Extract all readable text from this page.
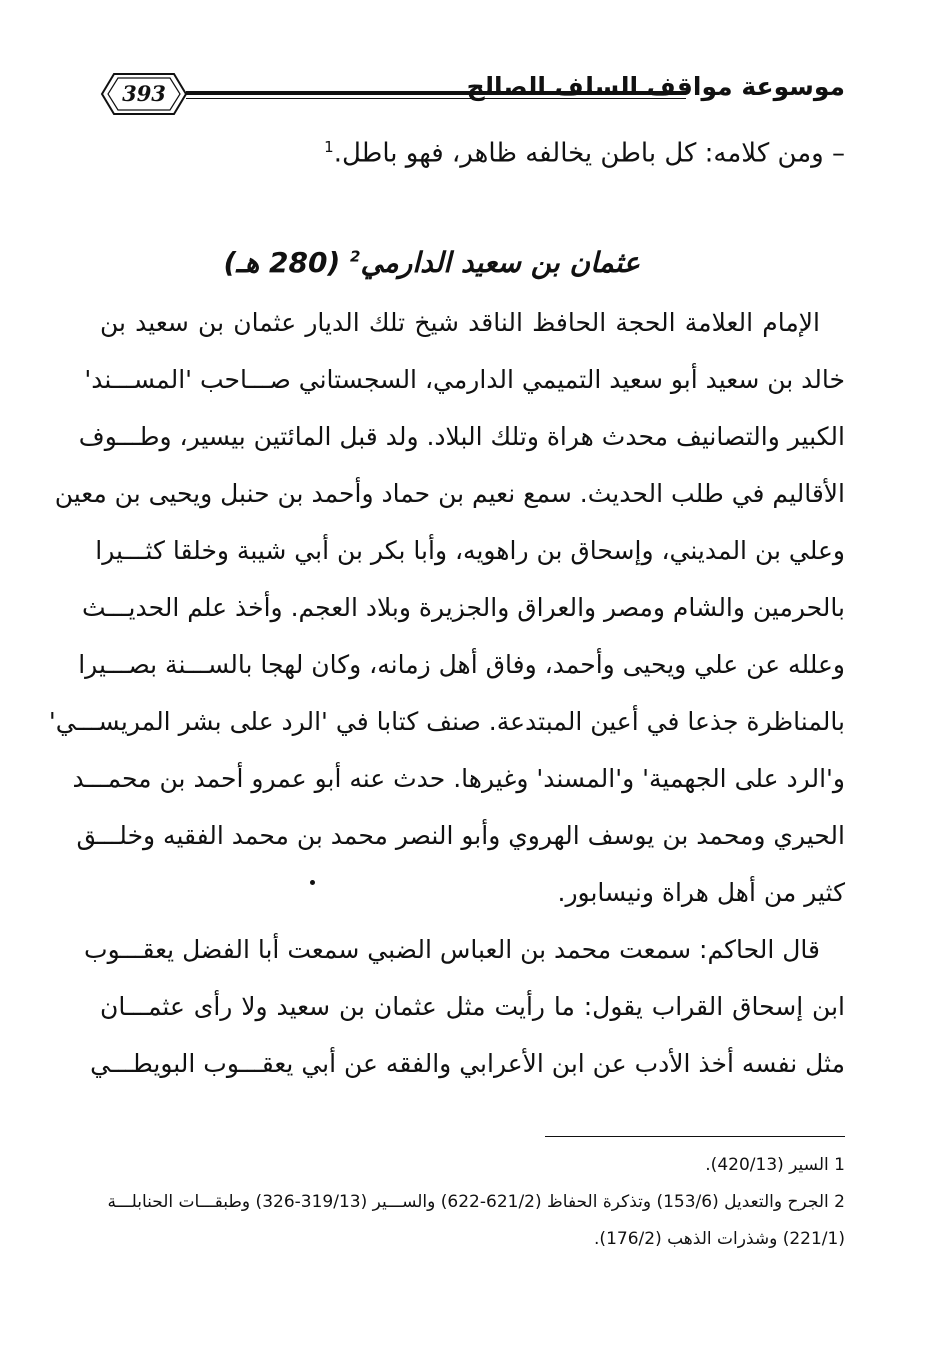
393	موسوعة مواقف السلف الصالح
– ومن كلامه: كل باطن يخالفه ظاهر، فهو باطل.$^1$
عثمان بن سعيد الدارمي$^2$ (280 هـ)
الإمام العلامة الحجة الحافظ الناقد شيخ تلك الديار عثمان بن سعيد بن
خالد بن سعيد أبو سعيد التميمي الدارمي، السجستاني صـــاحب 'المســـند'
الكبير والتصانيف محدث هراة وتلك البلاد. ولد قبل المائتين بيسير، وطـــوف
الأقاليم في طلب الحديث. سمع نعيم بن حماد وأحمد بن حنبل ويحيى بن معين
وعلي بن المديني، وإسحاق بن راهويه، وأبا بكر بن أبي شيبة وخلقا كثـــيرا
بالحرمين والشام ومصر والعراق والجزيرة وبلاد العجم. وأخذ علم الحديـــث
وعلله عن علي ويحيى وأحمد، وفاق أهل زمانه، وكان لهجا بالســـنة بصـــيرا
بالمناظرة جذعا في أعين المبتدعة. صنف كتابا في 'الرد على بشر المريســـي'
و'الرد على الجهمية' و'المسند' وغيرها. حدث عنه أبو عمرو أحمد بن محمـــد
الحيري ومحمد بن يوسف الهروي وأبو النصر محمد بن محمد الفقيه وخلـــق
كثير من أهل هراة ونيسابور.
قال الحاكم: سمعت محمد بن العباس الضبي سمعت أبا الفضل يعقـــوب
ابن إسحاق القراب يقول: ما رأيت مثل عثمان بن سعيد ولا رأى عثمـــان
مثل نفسه أخذ الأدب عن ابن الأعرابي والفقه عن أبي يعقـــوب البويطـــي
1 السير (420/13).
2 الجرح والتعديل (153/6) وتذكرة الحفاظ (621/2-622) والســـير (319/13-326) وطبقـــات الحنابلـــة
(221/1) وشذرات الذهب (176/2).
